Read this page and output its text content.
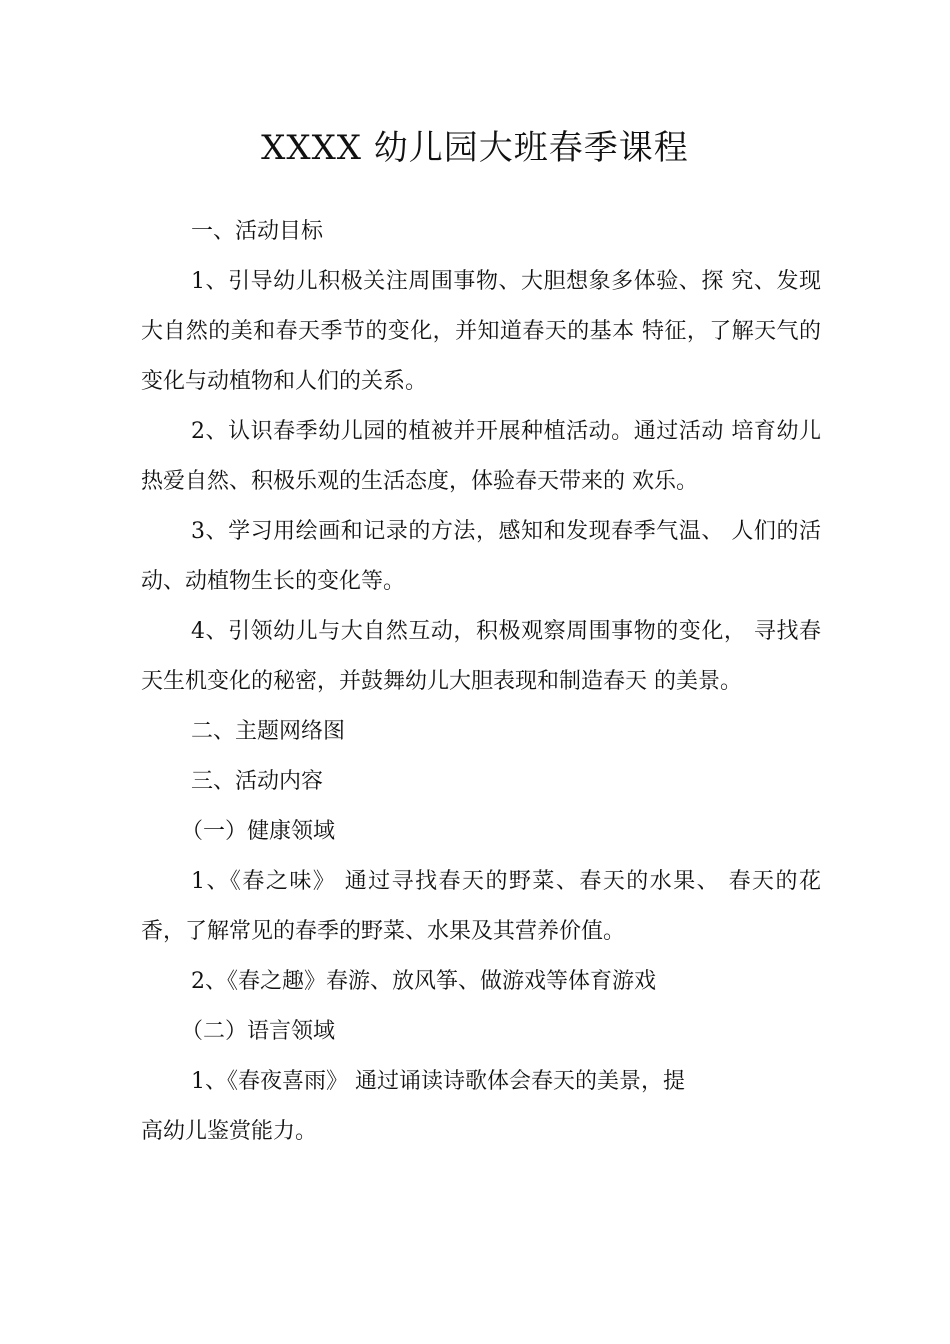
XXXX 幼儿园大班春季课程

一、活动目标

1、引导幼儿积极关注周围事物、大胆想象多体验、探 究、发现大自然的美和春天季节的变化，并知道春天的基本 特征，了解天气的变化与动植物和人们的关系。

2、认识春季幼儿园的植被并开展种植活动。通过活动 培育幼儿热爱自然、积极乐观的生活态度，体验春天带来的 欢乐。

3、学习用绘画和记录的方法，感知和发现春季气温、 人们的活动、动植物生长的变化等。

4、引领幼儿与大自然互动，积极观察周围事物的变化， 寻找春天生机变化的秘密，并鼓舞幼儿大胆表现和制造春天 的美景。

二、主题网络图

三、活动内容

（一）健康领域

1、《春之味》 通过寻找春天的野菜、春天的水果、 春天的花香，了解常见的春季的野菜、水果及其营养价值。

2、《春之趣》春游、放风筝、做游戏等体育游戏

（二）语言领域

1、《春夜喜雨》 通过诵读诗歌体会春天的美景，提

高幼儿鉴赏能力。
